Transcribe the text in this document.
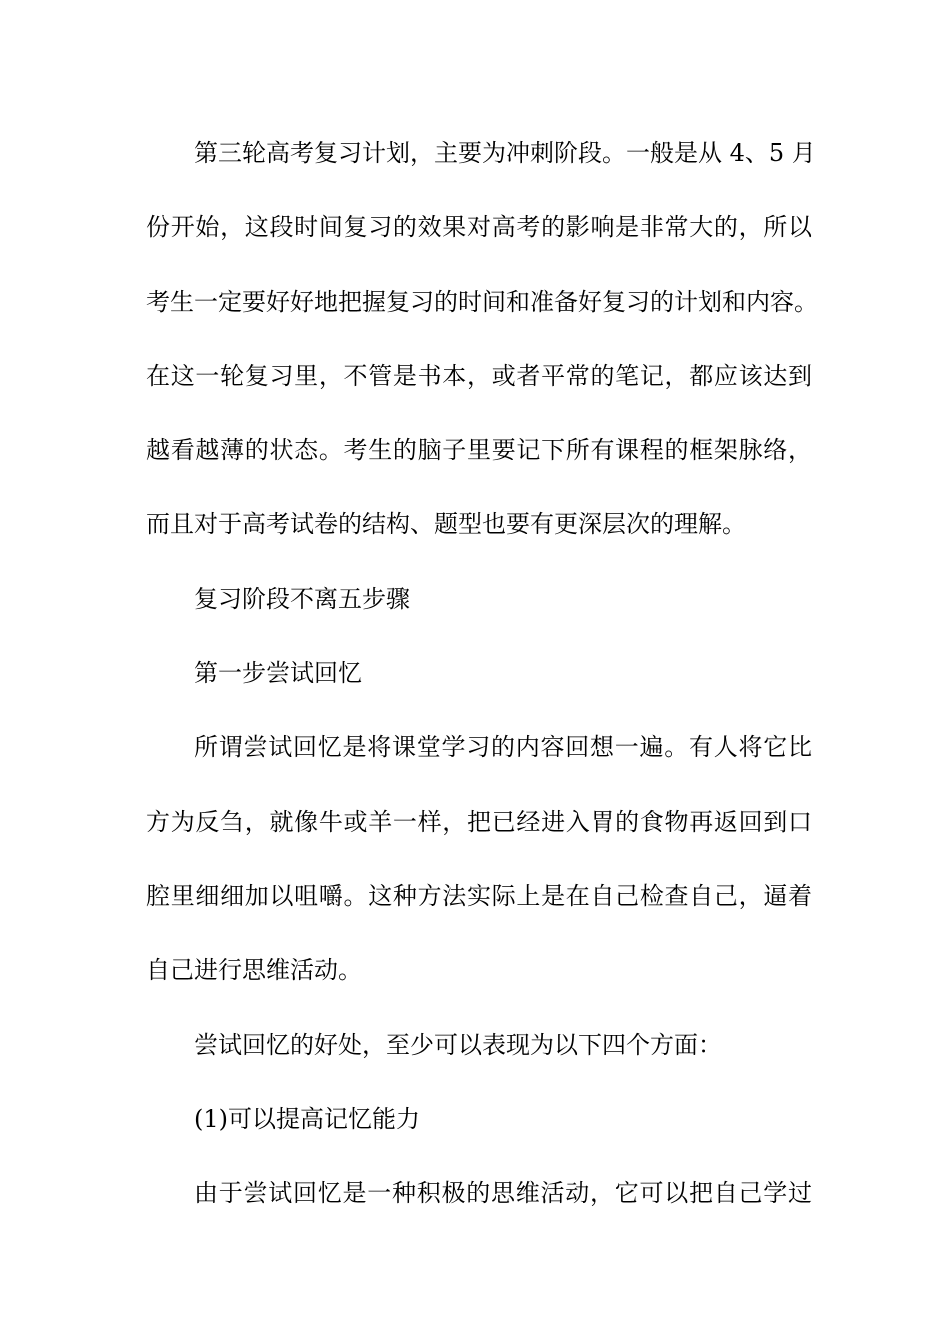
第三轮高考复习计划，主要为冲刺阶段。一般是从 4、5 月
份开始，这段时间复习的效果对高考的影响是非常大的，所以
考生一定要好好地把握复习的时间和准备好复习的计划和内容。
在这一轮复习里，不管是书本，或者平常的笔记，都应该达到
越看越薄的状态。考生的脑子里要记下所有课程的框架脉络，
而且对于高考试卷的结构、题型也要有更深层次的理解。
复习阶段不离五步骤
第一步尝试回忆
所谓尝试回忆是将课堂学习的内容回想一遍。有人将它比
方为反刍，就像牛或羊一样，把已经进入胃的食物再返回到口
腔里细细加以咀嚼。这种方法实际上是在自己检查自己，逼着
自己进行思维活动。
尝试回忆的好处，至少可以表现为以下四个方面：
(1)可以提高记忆能力
由于尝试回忆是一种积极的思维活动，它可以把自己学过
